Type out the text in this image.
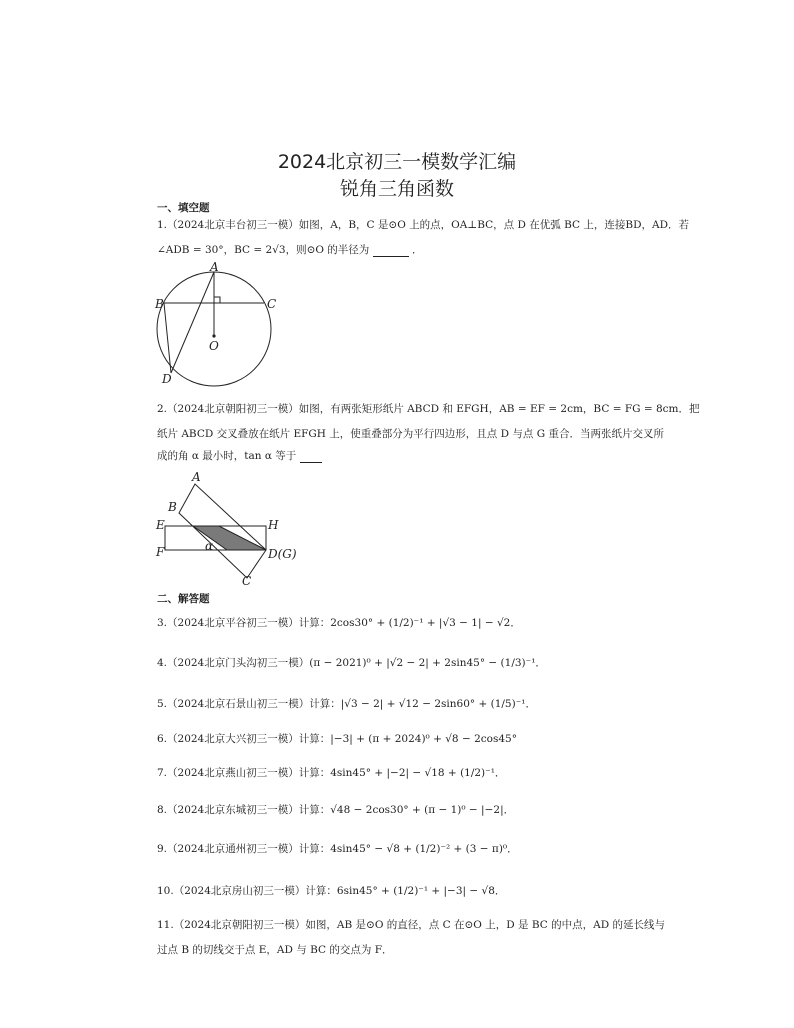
2024北京初三一模数学汇编
锐角三角函数
一、填空题
1.（2024北京丰台初三一模）如图，A，B，C 是⊙O 上的点，OA⊥BC，点 D 在优弧 BC 上，连接BD，AD．若
∠ADB = 30°，BC = 2√3，则⊙O 的半径为	．
A
B	C
O
D
2.（2024北京朝阳初三一模）如图，有两张矩形纸片 ABCD 和 EFGH，AB = EF = 2cm，BC = FG = 8cm．把
纸片 ABCD 交叉叠放在纸片 EFGH 上，使重叠部分为平行四边形，且点 D 与点 G 重合．当两张纸片交叉所
成的角 α 最小时，tan α 等于
A
B
E	H
F	α
D(G)
C
二、解答题
3.（2024北京平谷初三一模）计算：2cos30° + (1/2)⁻¹ + |√3 − 1| − √2．
4.（2024北京门头沟初三一模）(π − 2021)⁰ + |√2 − 2| + 2sin45° − (1/3)⁻¹．
5.（2024北京石景山初三一模）计算：|√3 − 2| + √12 − 2sin60° + (1/5)⁻¹．
6.（2024北京大兴初三一模）计算：|−3| + (π + 2024)⁰ + √8 − 2cos45°
7.（2024北京燕山初三一模）计算：4sin45° + |−2| − √18 + (1/2)⁻¹．
8.（2024北京东城初三一模）计算：√48 − 2cos30° + (π − 1)⁰ − |−2|．
9.（2024北京通州初三一模）计算：4sin45° − √8 + (1/2)⁻² + (3 − π)⁰．
10.（2024北京房山初三一模）计算：6sin45° + (1/2)⁻¹ + |−3| − √8．
11.（2024北京朝阳初三一模）如图，AB 是⊙O 的直径，点 C 在⊙O 上，D 是 BC 的中点，AD 的延长线与
过点 B 的切线交于点 E，AD 与 BC 的交点为 F．
